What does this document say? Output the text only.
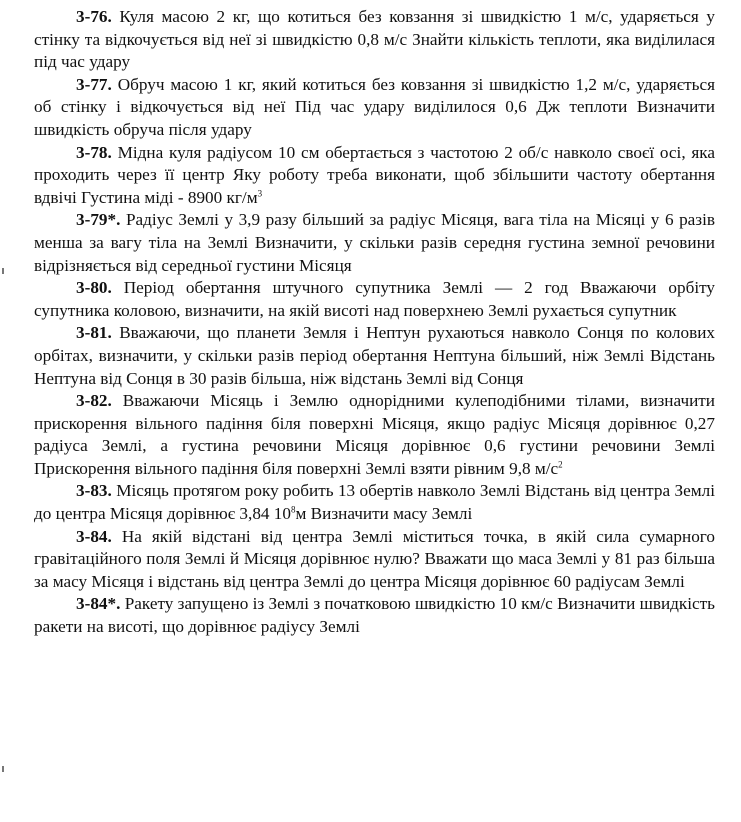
3-76. Куля масою 2 кг, що котиться без ковзання зі швидкістю 1 м/с, ударяється у стінку та відкочується від неї зі швидкістю 0,8 м/с Знайти кількість теплоти, яка виділилася під час удару

3-77. Обруч масою 1 кг, який котиться без ковзання зі швидкістю 1,2 м/с, ударяється об стінку і відкочується від неї Під час удару виділилося 0,6 Дж теплоти Визначити швидкість обруча після удару

3-78. Мідна куля радіусом 10 см обертається з частотою 2 об/с навколо своєї осі, яка проходить через її центр Яку роботу треба виконати, щоб збільшити частоту обертання вдвічі Густина міді - 8900 $кг/м^3$

3-79*. Радіус Землі у 3,9 разу більший за радіус Місяця, вага тіла на Місяці у 6 разів менша за вагу тіла на Землі Визначити, у скільки разів середня густина земної речовини відрізняється від середньої густини Місяця

3-80. Період обертання штучного супутника Землі — 2 год Вважаючи орбіту супутника коловою, визначити, на якій висоті над поверхнею Землі рухається супутник

3-81. Вважаючи, що планети Земля і Нептун рухаються навколо Сонця по колових орбітах, визначити, у скільки разів період обертання Нептуна більший, ніж Землі Відстань Нептуна від Сонця в 30 разів більша, ніж відстань Землі від Сонця

3-82. Вважаючи Місяць і Землю однорідними кулеподібними тілами, визначити прискорення вільного падіння біля поверхні Місяця, якщо радіус Місяця дорівнює 0,27 радіуса Землі, а густина речовини Місяця дорівнює 0,6 густини речовини Землі Прискорення вільного падіння біля поверхні Землі взяти рівним 9,8 $м/с^2$

3-83. Місяць протягом року робить 13 обертів навколо Землі Відстань від центра Землі до центра Місяця дорівнює 3,84 $10^8м$ Визначити масу Землі

3-84. На якій відстані від центра Землі міститься точка, в якій сила сумарного гравітаційного поля Землі й Місяця дорівнює нулю? Вважати що маса Землі у 81 раз більша за масу Місяця і відстань від центра Землі до центра Місяця дорівнює 60 радіусам Землі

3-84*. Ракету запущено із Землі з початковою швидкістю 10 км/с Визначити швидкість ракети на висоті, що дорівнює радіусу Землі
